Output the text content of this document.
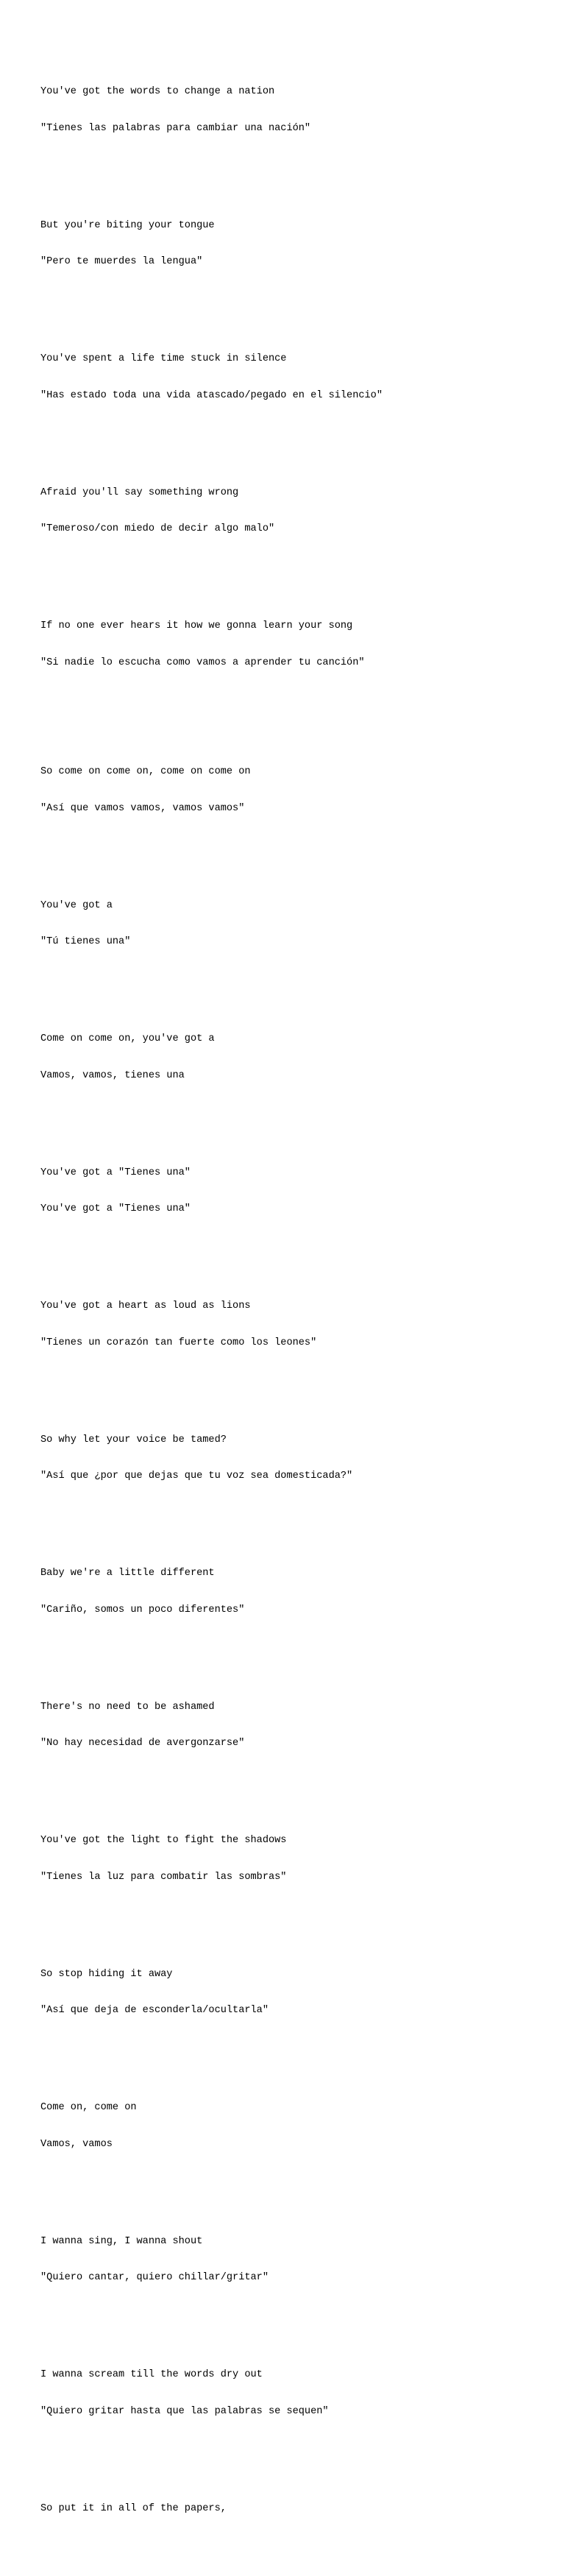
You've got the words to change a nation

"Tienes las palabras para cambiar una nación"

But you're biting your tongue

"Pero te muerdes la lengua"

You've spent a life time stuck in silence

"Has estado toda una vida atascado/pegado en el silencio"

Afraid you'll say something wrong

"Temeroso/con miedo de decir algo malo"

If no one ever hears it how we gonna learn your song

"Si nadie lo escucha como vamos a aprender tu canción"

So come on come on, come on come on

"Así que vamos vamos, vamos vamos"

You've got a

"Tú tienes una"

Come on come on, you've got a

Vamos, vamos, tienes una

You've got a "Tienes una"

You've got a "Tienes una"

You've got a heart as loud as lions

"Tienes un corazón tan fuerte como los leones"

So why let your voice be tamed?

"Así que ¿por que dejas que tu voz sea domesticada?"

Baby we're a little different

"Cariño, somos un poco diferentes"

There's no need to be ashamed

"No hay necesidad de avergonzarse"

You've got the light to fight the shadows

"Tienes la luz para combatir las sombras"

So stop hiding it away

"Así que deja de esconderla/ocultarla"

Come on, come on

Vamos, vamos

I wanna sing, I wanna shout

"Quiero cantar, quiero chillar/gritar"

I wanna scream till the words dry out

"Quiero gritar hasta que las palabras se sequen"

So put it in all of the papers,
